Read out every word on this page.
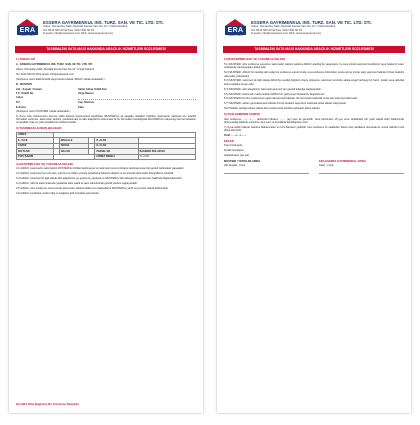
ERA
REAL ESTATE
ESSERA GAYRIMENKUL INS. TURZ. SAN. VE TIC. LTD. STI.
Adres: Osmanbey Mah. Mustafa Kemal Cad. No:12 / 4 Sisli Istanbul
Tel: 0212 000 00 00 Fax: 0212 000 00 01
E-posta: info@eraessera.com Web: www.eraessera.com
TASINMAZIN SATILMASI HAKKINDA ARACILIK HIZMETLERI SOZLESMESI
1) TARAFLAR
A - ESSERA GAYRIMENKUL INS. TURZ. SAN. VE TIC. LTD. STI.
Adres: Osmanbey Mah. Mustafa Kemal Cad. No:12 / 4 Sisli Istanbul
Tel: 0212 000 00 00 E-posta: info@eraessera.com
(Sozlesme metni ERA Aracilik Gayrimenkul olarak 'ARACI' olarak anilacaktir.)
B - MUSTERI
Adi - Soyadi / Unvani	Sirket Adina Yetkili Kisi
T.C. Kimlik No	Vergi Dairesi
Adres
Tel	Cep Telefonu
E-Posta	Faks
(Sozlesme metni 'MUSTERI' olarak anilacaktir.)
2) Konu isbu sozlesmenin konusu, ERA Essera Gayrimenkul tarafindan MUSTERI'ye ait asagida nitelikleri belirtilen tasinmazin satilmasi icin aracilik hizmetleri verilmesi, tasinmazin tanitimi, pazarlanmasi ve alici adaylarinin bulunmasi ile bu hizmetlerin karsiliginda MUSTERI'nin odeyecegi hizmet bedelinin ve taraflarin hak ve yukumluluklerinin belirlenmesidir.
3) TASINMAZA ILISKIN BILGILER
ADRES					
IL / ILCE		MAHALLE		B. ALAN	
CADDE		SOKAK		N. ALAN	
PAFTA NO		ADA NO		PARSEL NO	BAGIMSIZ BOLUM NO
TAPU SAHIBI				HIZMET BEDELI	% + KDV
4) ARACININ HAK VE YUKUMLULUKLERI
4.1) ARACI, tasinmazin satis fiyatini MUSTERI ile birlikte belirleyecek ve tasinmazi ucuncu kisilere tanitmak amaci ile gerekli calismalari yapacaktir.
4.2) ARACI, tasinmazi her turlu ilan, internet ve reklam yoluyla pazarlama hakkina sahiptir ve bu amacla tasinmazin fotograflarini cekebilir.
4.3) ARACI, tasinmaz ile ilgili olarak alici adaylarina yer gosterme yapacak ve MUSTERI'yi alici adaylari ile gorusmeler hakkinda bilgilendirecektir.
4.4) ARACI, alici ile satici arasinda yapilacak satis vaadi ve tapu islemlerinde gerekli yardimi saglayacaktir.
4.5) ARACI, isbu sozlesme suresi icinde tasinmazin satisina iliskin tum faaliyetlerini MUSTERI'ye yazili veya sozlu olarak bildirecektir.
4.6) ARACI, kendisine verilen bilgi ve belgeleri gizli tutmakla yukumludur.
Her ERA Ofisi Bagimsiz Bir Franchise Sirketidir.
ERA
REAL ESTATE
ESSERA GAYRIMENKUL INS. TURZ. SAN. VE TIC. LTD. STI.
Adres: Osmanbey Mah. Mustafa Kemal Cad. No:12 / 4 Sisli Istanbul
Tel: 0212 000 00 00 Fax: 0212 000 00 01
E-posta: info@eraessera.com Web: www.eraessera.com
TASINMAZIN SATILMASI HAKKINDA ARACILIK HIZMETLERI SOZLESMESI
5) MUSTERININ HAK VE YUKUMLULUKLERI
5.1) MUSTERI, isbu sozlesme suresince tasinmazin satisini yalnizca ARACI araciligi ile yapacagini, bu sure icinde tasinmazi kendisinin veya baska bir araci vasitasiyla satmayacagini kabul eder.
5.2) MUSTERI, ARACI'nin tanittigi alici adayi ile sozlesme suresi icinde veya sozlesme bitiminden sonra alti ay icinde satis yapmasi halinde hizmet bedelini odemekle yukumludur.
5.3) MUSTERI, tasinmaz ile ilgili olarak ARACI'ya verdigi bilgilerin dogru oldugunu, tasinmaz uzerinde satisa engel herhangi bir haciz, ipotek veya takyidat bulunmadigini beyan eder.
5.4) MUSTERI, alici adaylarinin tasinmazi gezmesi icin gerekli kolayligi saglayacaktir.
5.5) MUSTERI, tasinmazin satis bedelini ARACI'nin yazili onayi olmaksizin degistiremez.
5.6) MUSTERI'nin isbu sozlesmeye aykiri davranmasi halinde, hizmet bedeli tutarinda cezai sart odemeyi kabul eder.
5.7) MUSTERI, satisin gerceklesmesi halinde hizmet bedelini tapu devri sirasinda pesin olarak odeyecektir.
5.8) Taraflar, tebligat adresi olarak isbu sozlesmede belirtilen adresleri kabul ederler.
6) SOZLESMENIN SURESI
Isbu sozlesme ...../...../....... tarihinden itibaren ......... (ay) sure ile gecerlidir. Sure bitiminden 15 gun once taraflardan biri yazili olarak fesih bildiriminde bulunmadigi takdirde sozlesme ayni sure ve kosullarla kendiliginden uzar.
7) Uyusmazlik halinde Istanbul Mahkemeleri ve Icra Daireleri yetkilidir. Isbu sozlesme 8 maddeden ibaret olup taraflarca okunarak iki nusha halinde imza altina alinmistir.
Tarih : ...../...../.......
EKLER
Tapu Fotokopisi
Kimlik Fotokopisi
Vekaletname (var ise)
MUSTERI / YETKILISI ADINA
Adi Soyadi - Imza
ERA ESSERA GAYRIMENKUL ADINA
Kase - Imza
